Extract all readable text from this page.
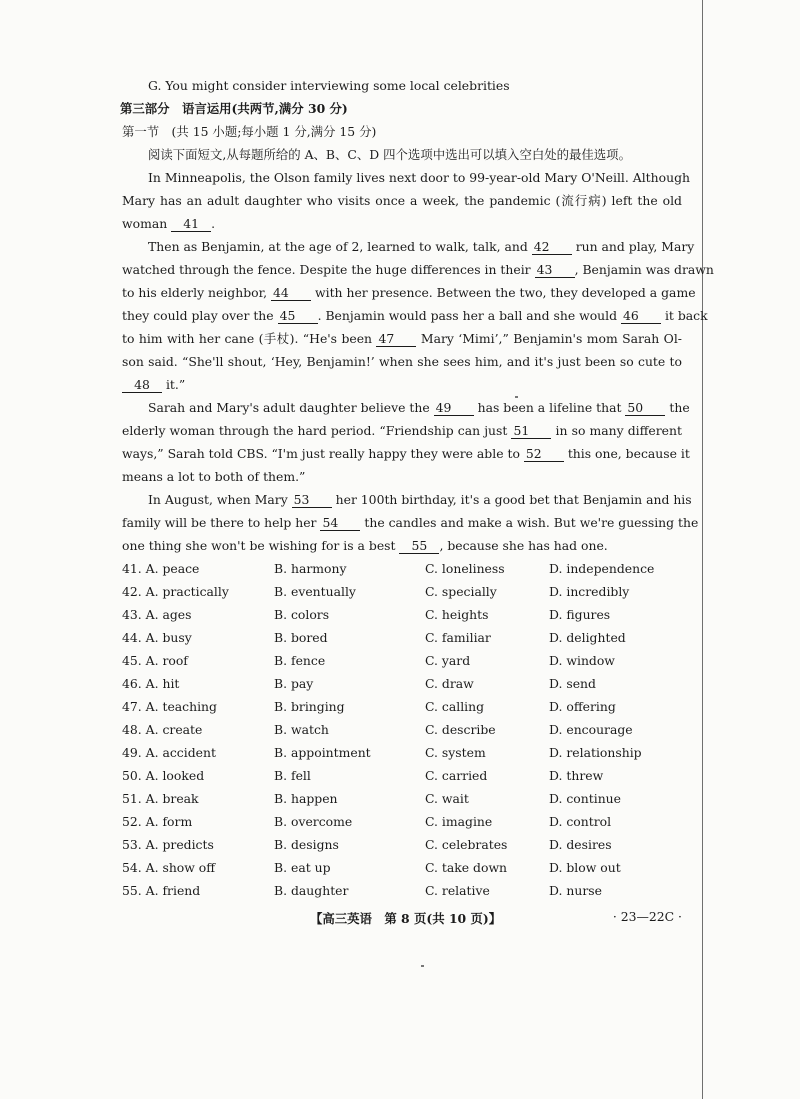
G. You might consider interviewing some local celebrities
第三部分　语言运用(共两节,满分 30 分)
第一节　(共 15 小题;每小题 1 分,满分 15 分)
阅读下面短文,从每题所给的 A、B、C、D 四个选项中选出可以填入空白处的最佳选项。
In Minneapolis, the Olson family lives next door to 99-year-old Mary O'Neill. Although
Mary has an adult daughter who visits once a week, the pandemic (流行病) left the old
woman 41 .
Then as Benjamin, at the age of 2, learned to walk, talk, and 42 run and play, Mary
watched through the fence. Despite the huge differences in their 43 , Benjamin was drawn
to his elderly neighbor, 44 with her presence. Between the two, they developed a game
they could play over the 45 . Benjamin would pass her a ball and she would 46 it back
to him with her cane (手杖). “He's been 47 Mary ‘Mimi’,” Benjamin's mom Sarah Ol-
son said. “She'll shout, ‘Hey, Benjamin!’ when she sees him, and it's just been so cute to
48 it.”
Sarah and Mary's adult daughter believe the 49 has been a lifeline that 50 the
elderly woman through the hard period. “Friendship can just 51 in so many different
ways,” Sarah told CBS. “I'm just really happy they were able to 52 this one, because it
means a lot to both of them.”
In August, when Mary 53 her 100th birthday, it's a good bet that Benjamin and his
family will be there to help her 54 the candles and make a wish. But we're guessing the
one thing she won't be wishing for is a best 55 , because she has had one.
41. A. peace	B. harmony	C. loneliness	D. independence
42. A. practically	B. eventually	C. specially	D. incredibly
43. A. ages	B. colors	C. heights	D. figures
44. A. busy	B. bored	C. familiar	D. delighted
45. A. roof	B. fence	C. yard	D. window
46. A. hit	B. pay	C. draw	D. send
47. A. teaching	B. bringing	C. calling	D. offering
48. A. create	B. watch	C. describe	D. encourage
49. A. accident	B. appointment	C. system	D. relationship
50. A. looked	B. fell	C. carried	D. threw
51. A. break	B. happen	C. wait	D. continue
52. A. form	B. overcome	C. imagine	D. control
53. A. predicts	B. designs	C. celebrates	D. desires
54. A. show off	B. eat up	C. take down	D. blow out
55. A. friend	B. daughter	C. relative	D. nurse
【高三英语　第 8 页(共 10 页)】	· 23—22C ·
